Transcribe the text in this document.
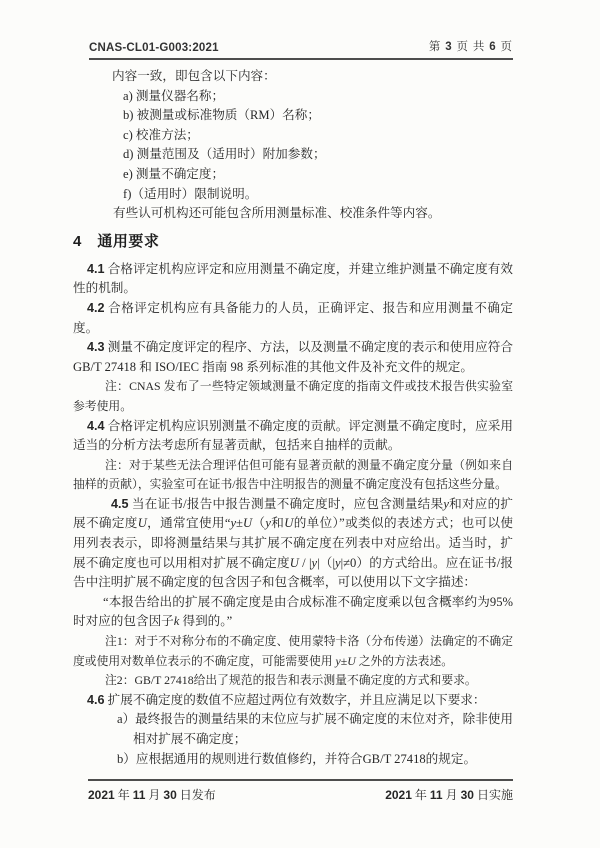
CNAS-CL01-G003:2021	第 3 页 共 6 页

内容一致，即包含以下内容：

a) 测量仪器名称；

b) 被测量或标准物质（RM）名称；

c) 校准方法；

d) 测量范围及（适用时）附加参数；

e) 测量不确定度；

f)（适用时）限制说明。

有些认可机构还可能包含所用测量标准、校准条件等内容。

4　通用要求

4.1 合格评定机构应评定和应用测量不确定度，并建立维护测量不确定度有效性的机制。

4.2 合格评定机构应有具备能力的人员，正确评定、报告和应用测量不确定度。

4.3 测量不确定度评定的程序、方法，以及测量不确定度的表示和使用应符合 GB/T 27418 和 ISO/IEC 指南 98 系列标准的其他文件及补充文件的规定。

注：CNAS 发布了一些特定领域测量不确定度的指南文件或技术报告供实验室参考使用。

4.4 合格评定机构应识别测量不确定度的贡献。评定测量不确定度时，应采用适当的分析方法考虑所有显著贡献，包括来自抽样的贡献。

注：对于某些无法合理评估但可能有显著贡献的测量不确定度分量（例如来自抽样的贡献），实验室可在证书/报告中注明报告的测量不确定度没有包括这些分量。

4.5 当在证书/报告中报告测量不确定度时，应包含测量结果y和对应的扩展不确定度U，通常宜使用“y±U（y和U的单位）”或类似的表述方式；也可以使用列表表示，即将测量结果与其扩展不确定度在列表中对应给出。适当时，扩展不确定度也可以用相对扩展不确定度U / |y|（|y|≠0）的方式给出。应在证书/报告中注明扩展不确定度的包含因子和包含概率，可以使用以下文字描述：

“本报告给出的扩展不确定度是由合成标准不确定度乘以包含概率约为95%时对应的包含因子k 得到的。”

注1：对于不对称分布的不确定度、使用蒙特卡洛（分布传递）法确定的不确定度或使用对数单位表示的不确定度，可能需要使用 y±U 之外的方法表述。

注2：GB/T 27418给出了规范的报告和表示测量不确定度的方式和要求。

4.6 扩展不确定度的数值不应超过两位有效数字，并且应满足以下要求：

a）最终报告的测量结果的末位应与扩展不确定度的末位对齐，除非使用相对扩展不确定度；

b）应根据通用的规则进行数值修约，并符合GB/T 27418的规定。

2021 年 11 月 30 日发布	2021 年 11 月 30 日实施
